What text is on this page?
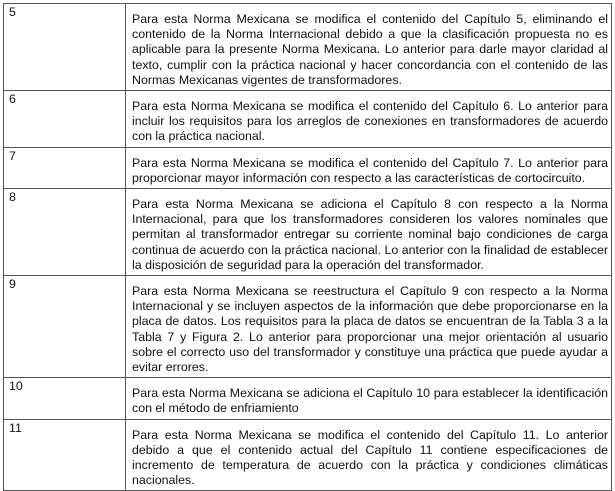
5	Para esta Norma Mexicana se modifica el contenido del Capítulo 5, eliminando el contenido de la Norma Internacional debido a que la clasificación propuesta no es aplicable para la presente Norma Mexicana. Lo anterior para darle mayor claridad al texto, cumplir con la práctica nacional y hacer concordancia con el contenido de las Normas Mexicanas vigentes de transformadores.
6	Para esta Norma Mexicana se modifica el contenido del Capítulo 6. Lo anterior para incluir los requisitos para los arreglos de conexiones en transformadores de acuerdo con la práctica nacional.
7	Para esta Norma Mexicana se modifica el contenido del Capítulo 7. Lo anterior para proporcionar mayor información con respecto a las características de cortocircuito.
8	Para esta Norma Mexicana se adiciona el Capítulo 8 con respecto a la Norma Internacional, para que los transformadores consideren los valores nominales que permitan al transformador entregar su corriente nominal bajo condiciones de carga continua de acuerdo con la práctica nacional. Lo anterior con la finalidad de establecer la disposición de seguridad para la operación del transformador.
9	Para esta Norma Mexicana se reestructura el Capítulo 9 con respecto a la Norma Internacional y se incluyen aspectos de la información que debe proporcionarse en la placa de datos. Los requisitos para la placa de datos se encuentran de la Tabla 3 a la Tabla 7 y Figura 2. Lo anterior para proporcionar una mejor orientación al usuario sobre el correcto uso del transformador y constituye una práctica que puede ayudar a evitar errores.
10	Para esta Norma Mexicana se adiciona el Capítulo 10 para establecer la identificación con el método de enfriamiento
11	Para esta Norma Mexicana se modifica el contenido del Capítulo 11. Lo anterior debido a que el contenido actual del Capítulo 11 contiene especificaciones de incremento de temperatura de acuerdo con la práctica y condiciones climáticas nacionales.
